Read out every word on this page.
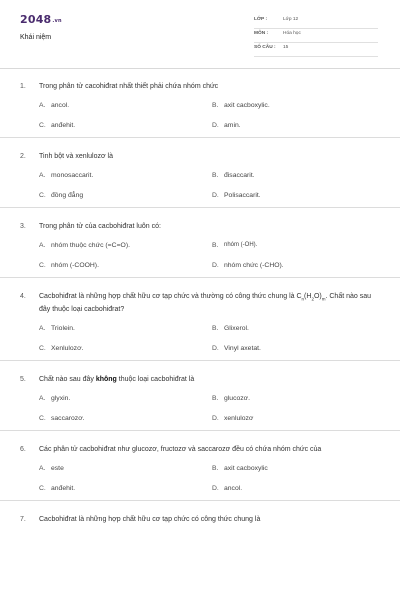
2048.vn
Khái niệm
LỚP :	Lớp 12
MÔN :	Hóa học
SỐ CÂU : 15
1.	Trong phân tử cacohiđrat nhất thiết phải chứa nhóm chức
A. ancol.	B. axit cacboxylic.
C. anđehit.	D. amin.
2.	Tinh bột và xenlulozơ là
A. monosaccarit.	B. đisaccarit.
C. đồng đẳng	D. Polisaccarit.
3.	Trong phân tử của cacbohiđrat luôn có:
A. nhóm thuộc chức (=C=O).	B. nhóm (-OH).
C. nhóm (-COOH).	D. nhóm chức (-CHO).
4.	Cacbohiđrat là những hợp chất hữu cơ tạp chức và thường có công thức chung là $C_n(H_2O)_m$. Chất nào sau đây thuộc loại cacbohiđrat?
A. Triolein.	B. Glixerol.
C. Xenlulozơ.	D. Vinyl axetat.
5.	Chất nào sau đây không thuộc loại cacbohiđrat là
A. glyxin.	B. glucozơ.
C. saccarozơ.	D. xenlulozơ
6.	Các phân tử cacbohiđrat như glucozơ, fructozơ và saccarozơ đều có chứa nhóm chức của
A. este	B. axit cacboxylic
C. anđehit.	D. ancol.
7.	Cacbohiđrat là những hợp chất hữu cơ tạp chức có công thức chung là
